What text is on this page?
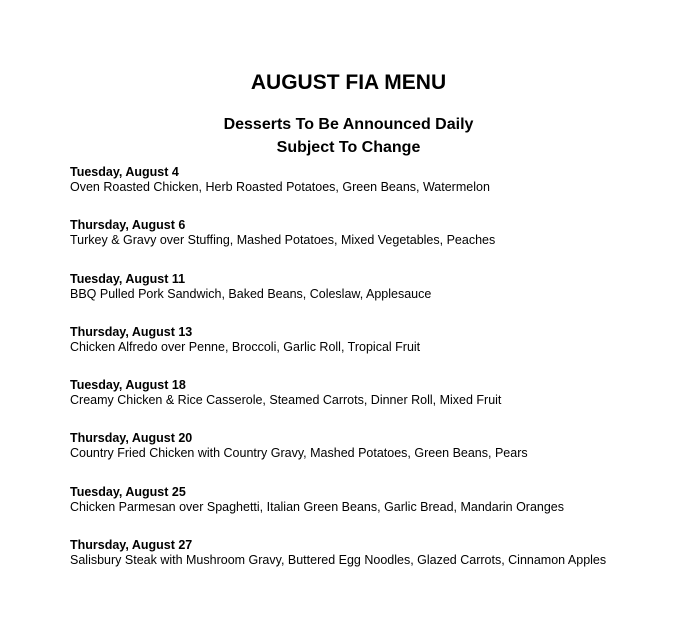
AUGUST FIA MENU
Desserts To Be Announced Daily
Subject To Change
Tuesday, August 4
Oven Roasted Chicken, Herb Roasted Potatoes, Green Beans, Watermelon
Thursday, August 6
Turkey & Gravy over Stuffing, Mashed Potatoes, Mixed Vegetables, Peaches
Tuesday, August 11
BBQ Pulled Pork Sandwich, Baked Beans, Coleslaw, Applesauce
Thursday, August 13
Chicken Alfredo over Penne, Broccoli, Garlic Roll, Tropical Fruit
Tuesday, August 18
Creamy Chicken & Rice Casserole, Steamed Carrots, Dinner Roll, Mixed Fruit
Thursday, August 20
Country Fried Chicken with Country Gravy, Mashed Potatoes, Green Beans, Pears
Tuesday, August 25
Chicken Parmesan over Spaghetti, Italian Green Beans, Garlic Bread, Mandarin Oranges
Thursday, August 27
Salisbury Steak with Mushroom Gravy, Buttered Egg Noodles, Glazed Carrots, Cinnamon Apples
